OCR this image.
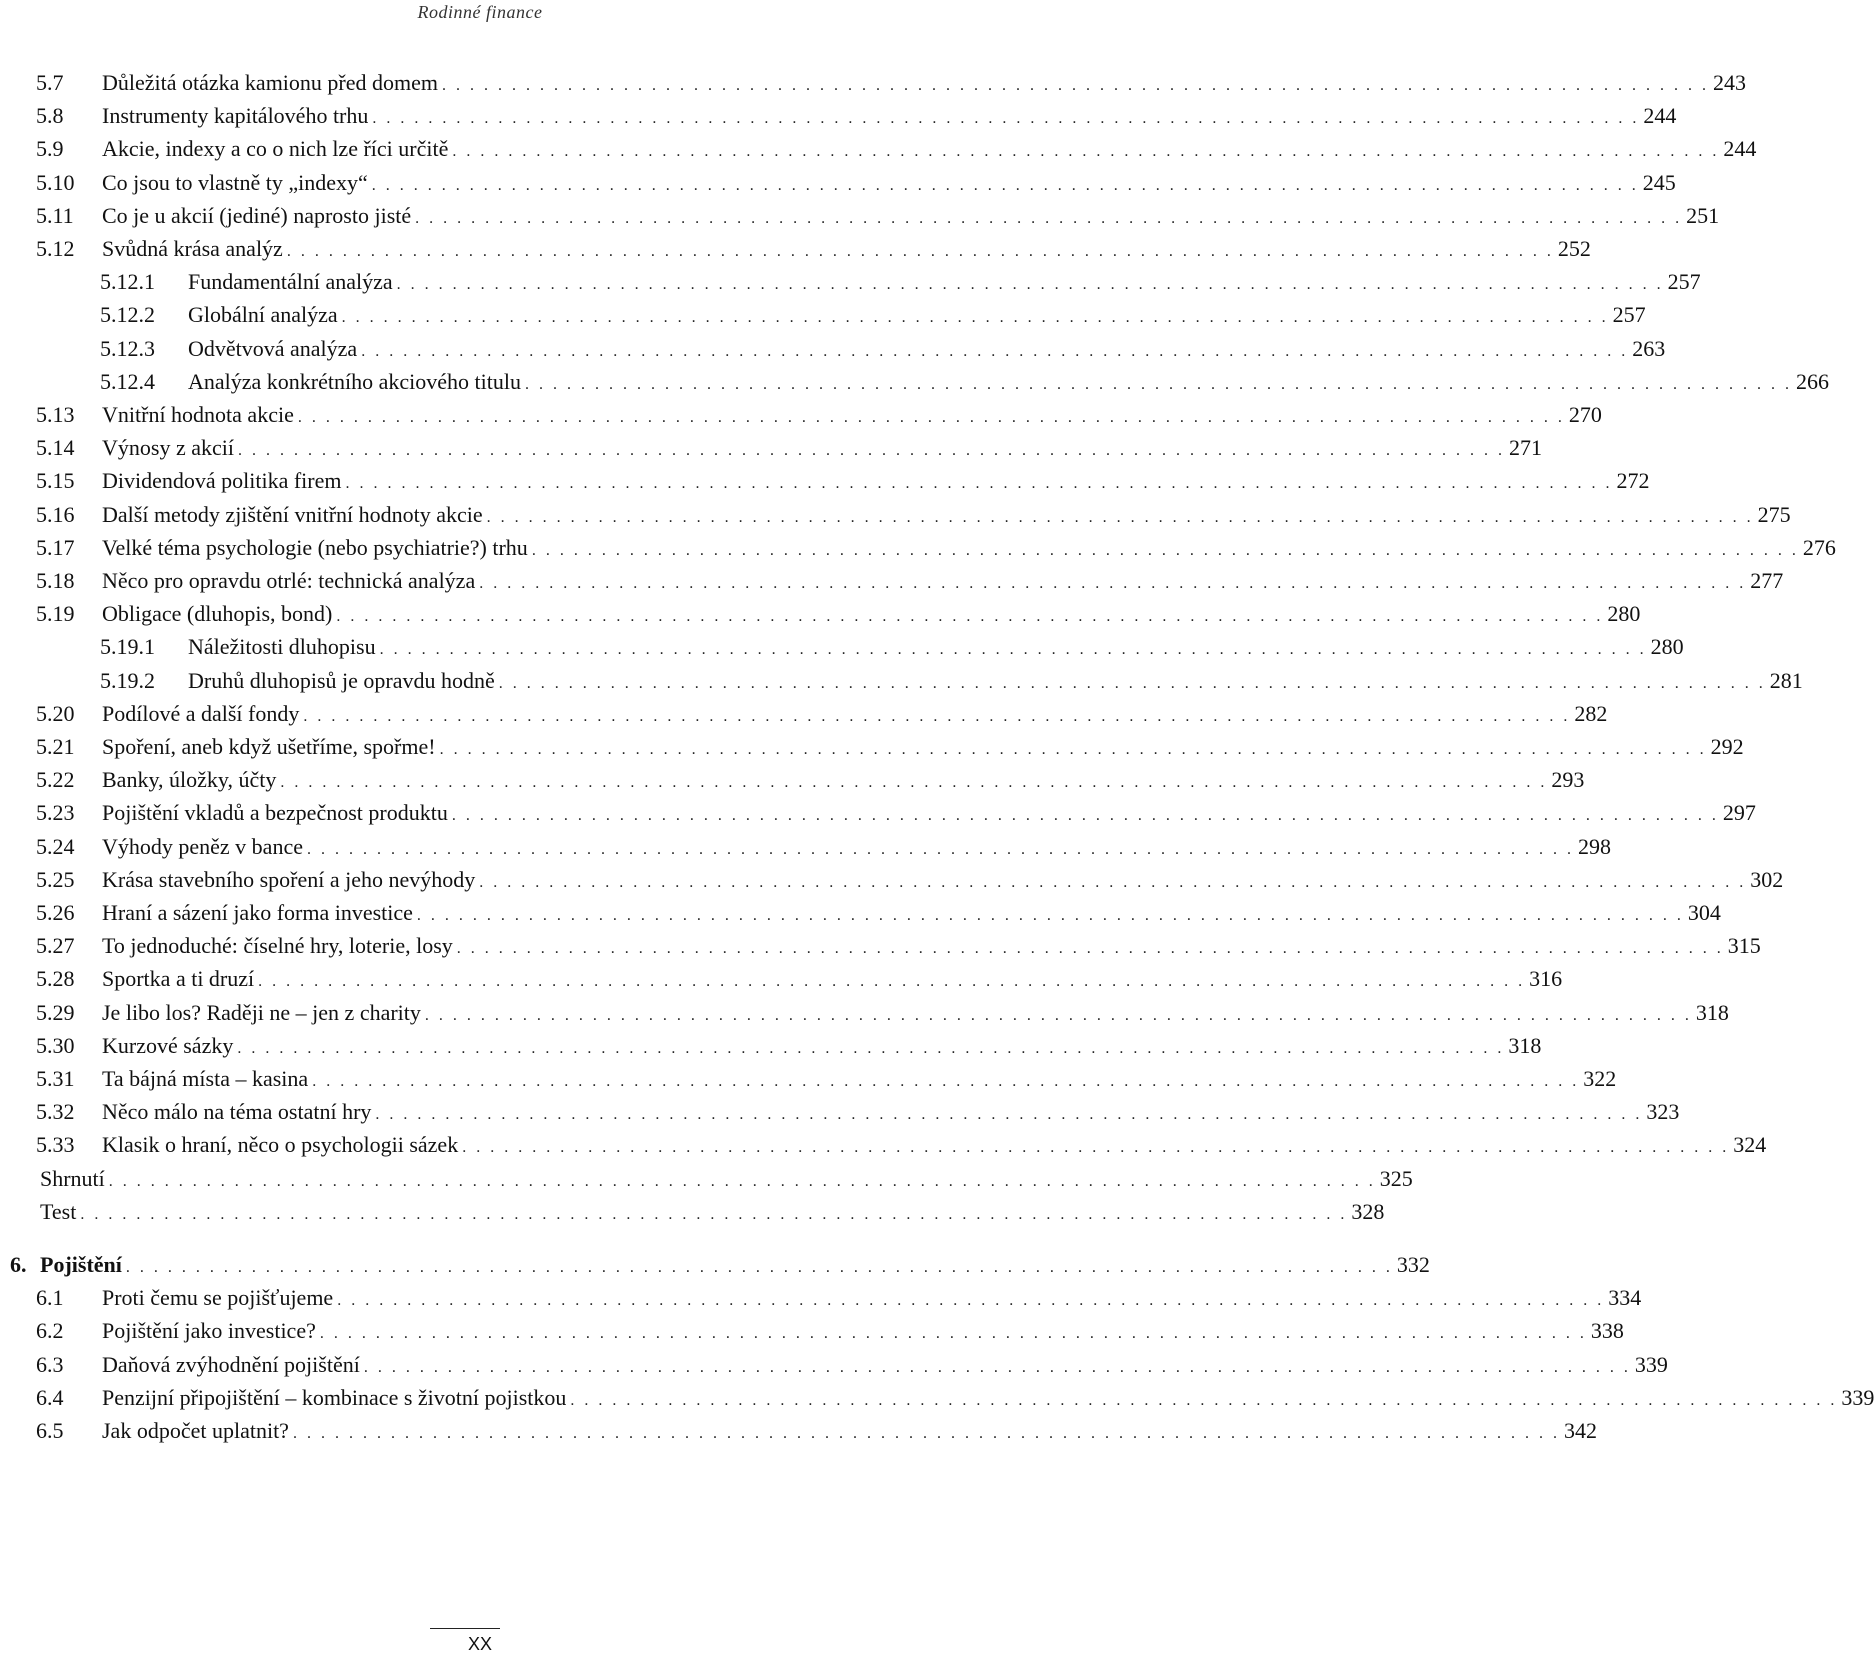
Rodinné finance
5.7 Důležitá otázka kamionu před domem . . . . . . . . . . . . . . . . . . . . . . . . . . . . . . . . . . . . . . . . . . . . . . . . . . . . . . . . . . . . . . . . . . . . . . . . . . . . . . . . . . . . . . . . . . . 243
5.8 Instrumenty kapitálového trhu . . . . . . . . . . . . . . . . . . . . . . . . . . . . . . . . . . . . . . . . . . . . . . . . . . . . . . . . . . . . . . . . . . . . . . . . . . . . . . . . . . . . . . . . . . . 244
5.9 Akcie, indexy a co o nich lze říci určitě . . . . . . . . . . . . . . . . . . . . . . . . . . . . . . . . . . . . . . . . . . . . . . . . . . . . . . . . . . . . . . . . . . . . . . . . . . . . . . . . . . . . . . . . . . . 244
5.10 Co jsou to vlastně ty „indexy“ . . . . . . . . . . . . . . . . . . . . . . . . . . . . . . . . . . . . . . . . . . . . . . . . . . . . . . . . . . . . . . . . . . . . . . . . . . . . . . . . . . . . . . . . . . . 245
5.11 Co je u akcií (jediné) naprosto jisté . . . . . . . . . . . . . . . . . . . . . . . . . . . . . . . . . . . . . . . . . . . . . . . . . . . . . . . . . . . . . . . . . . . . . . . . . . . . . . . . . . . . . . . . . . . 251
5.12 Svůdná krása analýz . . . . . . . . . . . . . . . . . . . . . . . . . . . . . . . . . . . . . . . . . . . . . . . . . . . . . . . . . . . . . . . . . . . . . . . . . . . . . . . . . . . . . . . . . . . 252
5.12.1 Fundamentální analýza . . . . . . . . . . . . . . . . . . . . . . . . . . . . . . . . . . . . . . . . . . . . . . . . . . . . . . . . . . . . . . . . . . . . . . . . . . . . . . . . . . . . . . . . . . . 257
5.12.2 Globální analýza . . . . . . . . . . . . . . . . . . . . . . . . . . . . . . . . . . . . . . . . . . . . . . . . . . . . . . . . . . . . . . . . . . . . . . . . . . . . . . . . . . . . . . . . . . . 257
5.12.3 Odvětvová analýza . . . . . . . . . . . . . . . . . . . . . . . . . . . . . . . . . . . . . . . . . . . . . . . . . . . . . . . . . . . . . . . . . . . . . . . . . . . . . . . . . . . . . . . . . . . 263
5.12.4 Analýza konkrétního akciového titulu . . . . . . . . . . . . . . . . . . . . . . . . . . . . . . . . . . . . . . . . . . . . . . . . . . . . . . . . . . . . . . . . . . . . . . . . . . . . . . . . . . . . . . . . . . . 266
5.13 Vnitřní hodnota akcie . . . . . . . . . . . . . . . . . . . . . . . . . . . . . . . . . . . . . . . . . . . . . . . . . . . . . . . . . . . . . . . . . . . . . . . . . . . . . . . . . . . . . . . . . . . 270
5.14 Výnosy z akcií . . . . . . . . . . . . . . . . . . . . . . . . . . . . . . . . . . . . . . . . . . . . . . . . . . . . . . . . . . . . . . . . . . . . . . . . . . . . . . . . . . . . . . . . . . . 271
5.15 Dividendová politika firem . . . . . . . . . . . . . . . . . . . . . . . . . . . . . . . . . . . . . . . . . . . . . . . . . . . . . . . . . . . . . . . . . . . . . . . . . . . . . . . . . . . . . . . . . . . 272
5.16 Další metody zjištění vnitřní hodnoty akcie . . . . . . . . . . . . . . . . . . . . . . . . . . . . . . . . . . . . . . . . . . . . . . . . . . . . . . . . . . . . . . . . . . . . . . . . . . . . . . . . . . . . . . . . . . . 275
5.17 Velké téma psychologie (nebo psychiatrie?) trhu . . . . . . . . . . . . . . . . . . . . . . . . . . . . . . . . . . . . . . . . . . . . . . . . . . . . . . . . . . . . . . . . . . . . . . . . . . . . . . . . . . . . . . . . . . . 276
5.18 Něco pro opravdu otrlé: technická analýza . . . . . . . . . . . . . . . . . . . . . . . . . . . . . . . . . . . . . . . . . . . . . . . . . . . . . . . . . . . . . . . . . . . . . . . . . . . . . . . . . . . . . . . . . . . 277
5.19 Obligace (dluhopis, bond) . . . . . . . . . . . . . . . . . . . . . . . . . . . . . . . . . . . . . . . . . . . . . . . . . . . . . . . . . . . . . . . . . . . . . . . . . . . . . . . . . . . . . . . . . . . 280
5.19.1 Náležitosti dluhopisu . . . . . . . . . . . . . . . . . . . . . . . . . . . . . . . . . . . . . . . . . . . . . . . . . . . . . . . . . . . . . . . . . . . . . . . . . . . . . . . . . . . . . . . . . . . 280
5.19.2 Druhů dluhopisů je opravdu hodně . . . . . . . . . . . . . . . . . . . . . . . . . . . . . . . . . . . . . . . . . . . . . . . . . . . . . . . . . . . . . . . . . . . . . . . . . . . . . . . . . . . . . . . . . . . 281
5.20 Podílové a další fondy . . . . . . . . . . . . . . . . . . . . . . . . . . . . . . . . . . . . . . . . . . . . . . . . . . . . . . . . . . . . . . . . . . . . . . . . . . . . . . . . . . . . . . . . . . . 282
5.21 Spoření, aneb když ušetříme, spořme! . . . . . . . . . . . . . . . . . . . . . . . . . . . . . . . . . . . . . . . . . . . . . . . . . . . . . . . . . . . . . . . . . . . . . . . . . . . . . . . . . . . . . . . . . . . 292
5.22 Banky, úložky, účty . . . . . . . . . . . . . . . . . . . . . . . . . . . . . . . . . . . . . . . . . . . . . . . . . . . . . . . . . . . . . . . . . . . . . . . . . . . . . . . . . . . . . . . . . . . 293
5.23 Pojištění vkladů a bezpečnost produktu . . . . . . . . . . . . . . . . . . . . . . . . . . . . . . . . . . . . . . . . . . . . . . . . . . . . . . . . . . . . . . . . . . . . . . . . . . . . . . . . . . . . . . . . . . . 297
5.24 Výhody peněz v bance . . . . . . . . . . . . . . . . . . . . . . . . . . . . . . . . . . . . . . . . . . . . . . . . . . . . . . . . . . . . . . . . . . . . . . . . . . . . . . . . . . . . . . . . . . . 298
5.25 Krása stavebního spoření a jeho nevýhody . . . . . . . . . . . . . . . . . . . . . . . . . . . . . . . . . . . . . . . . . . . . . . . . . . . . . . . . . . . . . . . . . . . . . . . . . . . . . . . . . . . . . . . . . . . 302
5.26 Hraní a sázení jako forma investice . . . . . . . . . . . . . . . . . . . . . . . . . . . . . . . . . . . . . . . . . . . . . . . . . . . . . . . . . . . . . . . . . . . . . . . . . . . . . . . . . . . . . . . . . . . 304
5.27 To jednoduché: číselné hry, loterie, losy . . . . . . . . . . . . . . . . . . . . . . . . . . . . . . . . . . . . . . . . . . . . . . . . . . . . . . . . . . . . . . . . . . . . . . . . . . . . . . . . . . . . . . . . . . . 315
5.28 Sportka a ti druzí . . . . . . . . . . . . . . . . . . . . . . . . . . . . . . . . . . . . . . . . . . . . . . . . . . . . . . . . . . . . . . . . . . . . . . . . . . . . . . . . . . . . . . . . . . . 316
5.29 Je libo los? Raději ne – jen z charity . . . . . . . . . . . . . . . . . . . . . . . . . . . . . . . . . . . . . . . . . . . . . . . . . . . . . . . . . . . . . . . . . . . . . . . . . . . . . . . . . . . . . . . . . . . 318
5.30 Kurzové sázky . . . . . . . . . . . . . . . . . . . . . . . . . . . . . . . . . . . . . . . . . . . . . . . . . . . . . . . . . . . . . . . . . . . . . . . . . . . . . . . . . . . . . . . . . . . 318
5.31 Ta bájná místa – kasina . . . . . . . . . . . . . . . . . . . . . . . . . . . . . . . . . . . . . . . . . . . . . . . . . . . . . . . . . . . . . . . . . . . . . . . . . . . . . . . . . . . . . . . . . . . 322
5.32 Něco málo na téma ostatní hry . . . . . . . . . . . . . . . . . . . . . . . . . . . . . . . . . . . . . . . . . . . . . . . . . . . . . . . . . . . . . . . . . . . . . . . . . . . . . . . . . . . . . . . . . . . 323
5.33 Klasik o hraní, něco o psychologii sázek . . . . . . . . . . . . . . . . . . . . . . . . . . . . . . . . . . . . . . . . . . . . . . . . . . . . . . . . . . . . . . . . . . . . . . . . . . . . . . . . . . . . . . . . . . . 324
Shrnutí . . . . . . . . . . . . . . . . . . . . . . . . . . . . . . . . . . . . . . . . . . . . . . . . . . . . . . . . . . . . . . . . . . . . . . . . . . . . . . . . . . . . . . . . . . . 325
Test . . . . . . . . . . . . . . . . . . . . . . . . . . . . . . . . . . . . . . . . . . . . . . . . . . . . . . . . . . . . . . . . . . . . . . . . . . . . . . . . . . . . . . . . . . . 328
6. Pojištění . . . . . . . . . . . . . . . . . . . . . . . . . . . . . . . . . . . . . . . . . . . . . . . . . . . . . . . . . . . . . . . . . . . . . . . . . . . . . . . . . . . . . . . . . . . 332
6.1 Proti čemu se pojišťujeme . . . . . . . . . . . . . . . . . . . . . . . . . . . . . . . . . . . . . . . . . . . . . . . . . . . . . . . . . . . . . . . . . . . . . . . . . . . . . . . . . . . . . . . . . . . 334
6.2 Pojištění jako investice? . . . . . . . . . . . . . . . . . . . . . . . . . . . . . . . . . . . . . . . . . . . . . . . . . . . . . . . . . . . . . . . . . . . . . . . . . . . . . . . . . . . . . . . . . . . 338
6.3 Daňová zvýhodnění pojištění . . . . . . . . . . . . . . . . . . . . . . . . . . . . . . . . . . . . . . . . . . . . . . . . . . . . . . . . . . . . . . . . . . . . . . . . . . . . . . . . . . . . . . . . . . . 339
6.4 Penzijní připojištění – kombinace s životní pojistkou . . . . . . . . . . . . . . . . . . . . . . . . . . . . . . . . . . . . . . . . . . . . . . . . . . . . . . . . . . . . . . . . . . . . . . . . . . . . . . . . . . . . . . . . . . . 339
6.5 Jak odpočet uplatnit? . . . . . . . . . . . . . . . . . . . . . . . . . . . . . . . . . . . . . . . . . . . . . . . . . . . . . . . . . . . . . . . . . . . . . . . . . . . . . . . . . . . . . . . . . . . 342
XX
